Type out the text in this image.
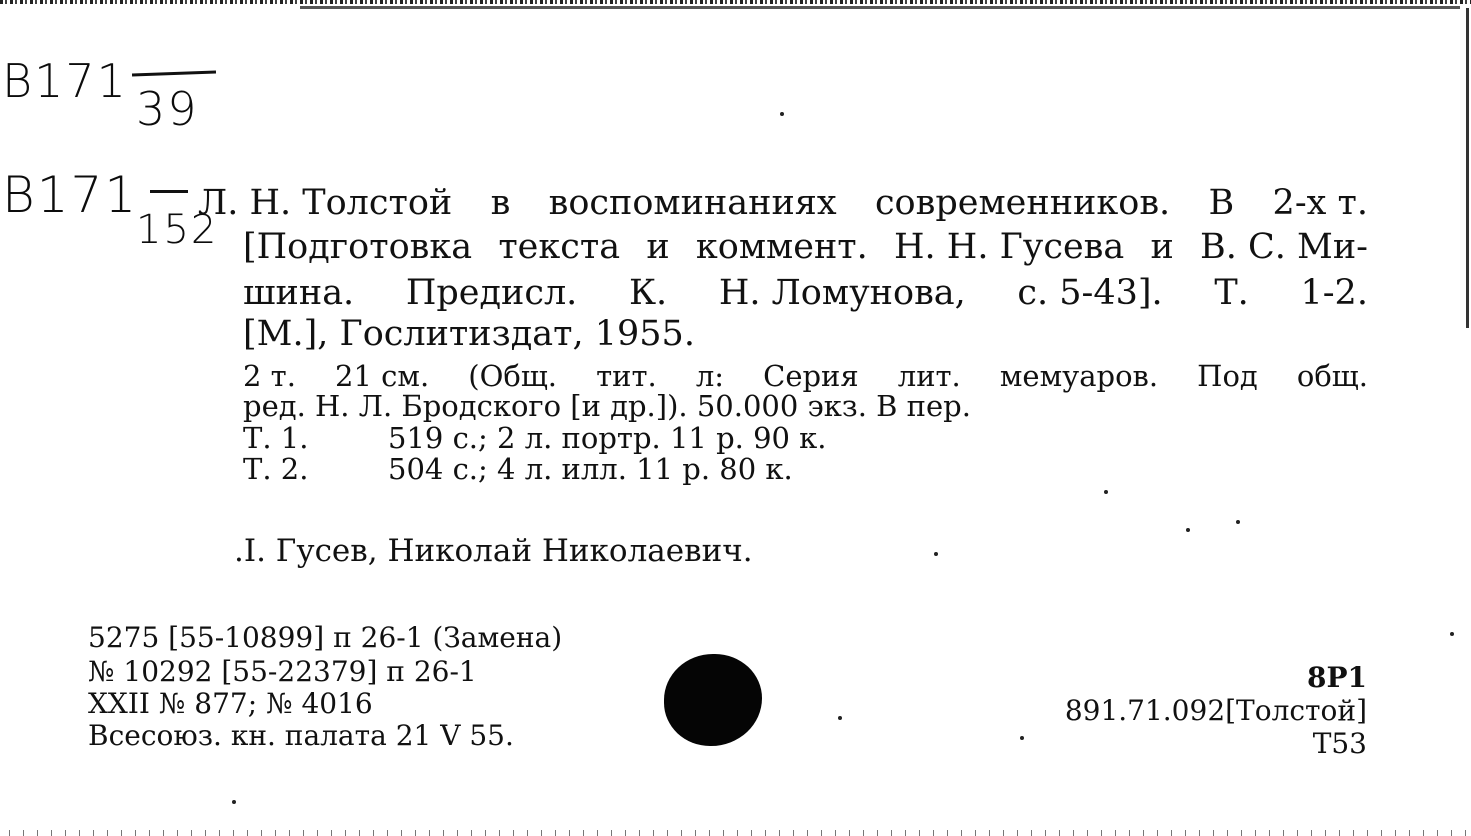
B171
39
B171
152
Л. Н. Толстой в воспоминаниях современников. В 2-х т.
[Подготовка текста и коммент. Н. Н. Гусева и В. С. Ми-
шина. Предисл. К. Н. Ломунова, с. 5-43]. Т. 1-2.
[М.], Гослитиздат, 1955.
2 т. 21 см. (Общ. тит. л: Серия лит. мемуаров. Под общ.
ред. Н. Л. Бродского [и др.]). 50.000 экз. В пер.
Т. 1.	519 с.; 2 л. портр. 11 р. 90 к.
Т. 2.	504 с.; 4 л. илл. 11 р. 80 к.
.I. Гусев, Николай Николаевич.
5275 [55-10899] п 26-1 (Замена)
№ 10292 [55-22379] п 26-1
XXII № 877; № 4016
Всесоюз. кн. палата 21 V 55.
8Р1
891.71.092[Толстой]
Т53
